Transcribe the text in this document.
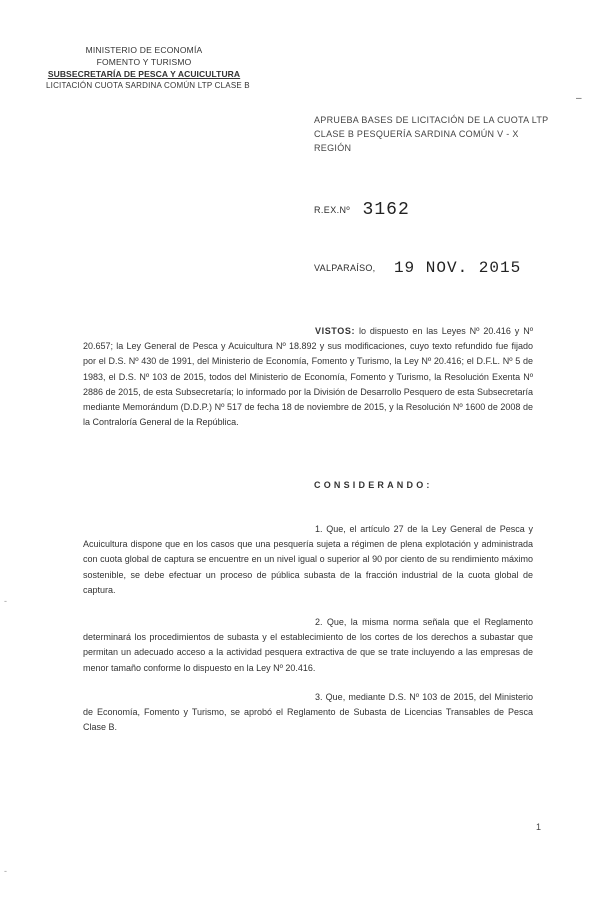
MINISTERIO DE ECONOMÍA
FOMENTO Y TURISMO
SUBSECRETARÍA DE PESCA Y ACUICULTURA
LICITACIÓN CUOTA SARDINA COMÚN LTP CLASE B
–
APRUEBA BASES DE LICITACIÓN DE LA CUOTA LTP CLASE B PESQUERÍA SARDINA COMÚN V - X REGIÓN
R.EX.Nº 3162
VALPARAÍSO, 19 NOV. 2015
VISTOS: lo dispuesto en las Leyes Nº 20.416 y Nº 20.657; la Ley General de Pesca y Acuicultura Nº 18.892 y sus modificaciones, cuyo texto refundido fue fijado por el D.S. Nº 430 de 1991, del Ministerio de Economía, Fomento y Turismo, la Ley Nº 20.416; el D.F.L. Nº 5 de 1983, el D.S. Nº 103 de 2015, todos del Ministerio de Economía, Fomento y Turismo, la Resolución Exenta Nº 2886 de 2015, de esta Subsecretaría; lo informado por la División de Desarrollo Pesquero de esta Subsecretaría mediante Memorándum (D.D.P.) Nº 517 de fecha 18 de noviembre de 2015, y la Resolución Nº 1600 de 2008 de la Contraloría General de la República.
CONSIDERANDO:
1. Que, el artículo 27 de la Ley General de Pesca y Acuicultura dispone que en los casos que una pesquería sujeta a régimen de plena explotación y administrada con cuota global de captura se encuentre en un nivel igual o superior al 90 por ciento de su rendimiento máximo sostenible, se debe efectuar un proceso de pública subasta de la fracción industrial de la cuota global de captura.
2. Que, la misma norma señala que el Reglamento determinará los procedimientos de subasta y el establecimiento de los cortes de los derechos a subastar que permitan un adecuado acceso a la actividad pesquera extractiva de que se trate incluyendo a las empresas de menor tamaño conforme lo dispuesto en la Ley Nº 20.416.
3. Que, mediante D.S. Nº 103 de 2015, del Ministerio de Economía, Fomento y Turismo, se aprobó el Reglamento de Subasta de Licencias Transables de Pesca Clase B.
-
-
1
